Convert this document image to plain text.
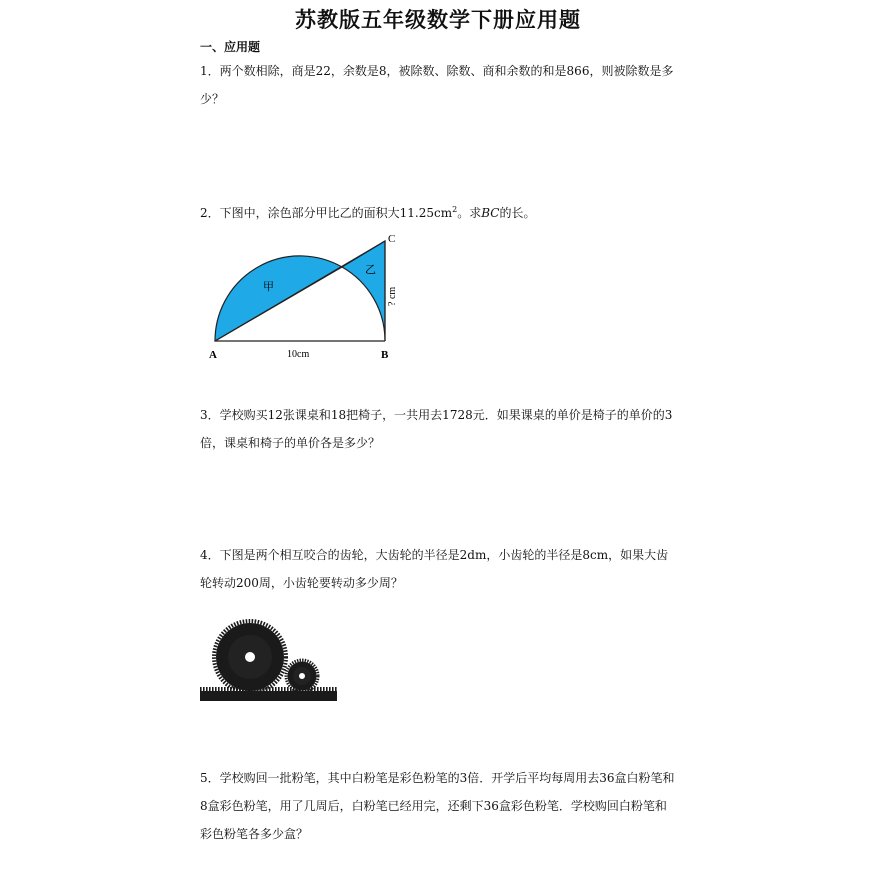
苏教版五年级数学下册应用题
一、应用题
1．两个数相除，商是22，余数是8，被除数、除数、商和余数的和是866，则被除数是多少？
2．下图中，涂色部分甲比乙的面积大$11.25cm^2$。求BC的长。
A	B
C
甲
乙
10cm
? cm
3．学校购买12张课桌和18把椅子，一共用去1728元．如果课桌的单价是椅子的单价的3倍，课桌和椅子的单价各是多少？
4．下图是两个相互咬合的齿轮，大齿轮的半径是2dm，小齿轮的半径是8cm，如果大齿轮转动200周，小齿轮要转动多少周？
5．学校购回一批粉笔，其中白粉笔是彩色粉笔的3倍．开学后平均每周用去36盒白粉笔和8盒彩色粉笔，用了几周后，白粉笔已经用完，还剩下36盒彩色粉笔．学校购回白粉笔和彩色粉笔各多少盒？
